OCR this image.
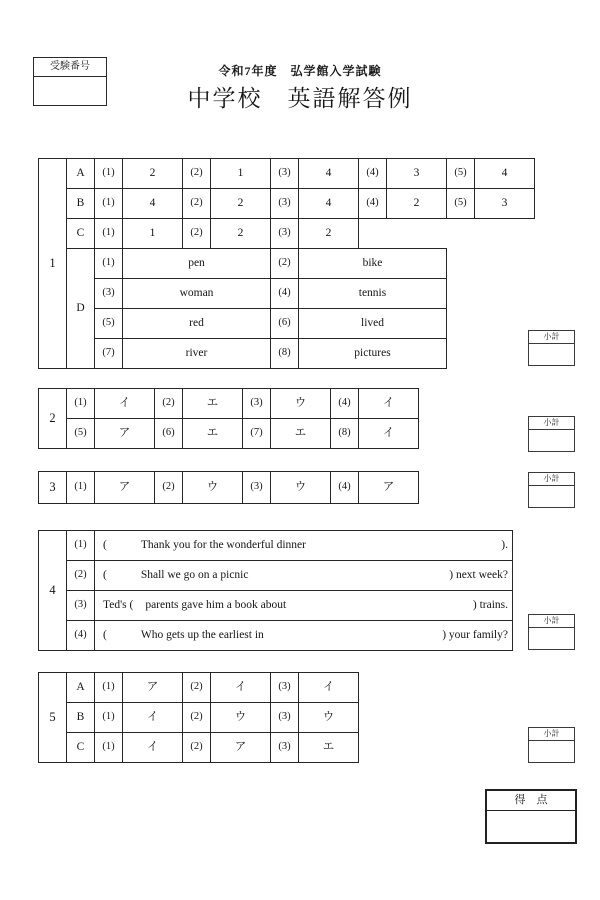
受験番号	令和7年度　弘学館入学試験
中学校　英語解答例
1	A	(1)	2	(2)	1	(3)	4	(4)	3	(5)	4
	B	(1)	4	(2)	2	(3)	4	(4)	2	(5)	3
	C	(1)	1	(2)	2	(3)	2				
	D	(1)	pen			(2)	bike				
		(3)	woman			(4)	tennis				
		(5)	red			(6)	lived				
		(7)	river			(8)	pictures				
2	(1)	イ	(2)	エ	(3)	ウ	(4)	イ
	(5)	ア	(6)	エ	(7)	エ	(8)	イ
3	(1)	ア	(2)	ウ	(3)	ウ	(4)	ア
4	(1)	( Thank you for the wonderful dinner ).

	(2)	( Shall we go on a picnic ) next week?

	(3)	Ted's ( parents gave him a book about ) trains.

	(4)	( Who gets up the earliest in ) your family?
5	A	(1)	ア	(2)	イ	(3)	イ
	B	(1)	イ	(2)	ウ	(3)	ウ
	C	(1)	イ	(2)	ア	(3)	エ
小計
小計
小計
小計
小計
得　点
